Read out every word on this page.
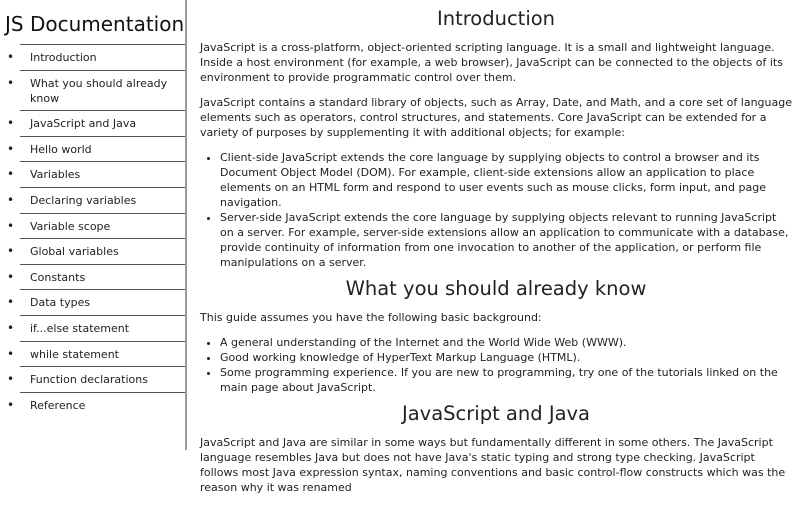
JS Documentation
• Introduction
• What you should already know
• JavaScript and Java
• Hello world
• Variables
• Declaring variables
• Variable scope
• Global variables
• Constants
• Data types
• if...else statement
• while statement
• Function declarations
• Reference
Introduction

JavaScript is a cross-platform, object-oriented scripting language. It is a small and lightweight language. Inside a host environment (for example, a web browser), JavaScript can be connected to the objects of its environment to provide programmatic control over them.

JavaScript contains a standard library of objects, such as Array, Date, and Math, and a core set of language elements such as operators, control structures, and statements. Core JavaScript can be extended for a variety of purposes by supplementing it with additional objects; for example:

• Client-side JavaScript extends the core language by supplying objects to control a browser and its Document Object Model (DOM). For example, client-side extensions allow an application to place elements on an HTML form and respond to user events such as mouse clicks, form input, and page navigation.
• Server-side JavaScript extends the core language by supplying objects relevant to running JavaScript on a server. For example, server-side extensions allow an application to communicate with a database, provide continuity of information from one invocation to another of the application, or perform file manipulations on a server.
What you should already know

This guide assumes you have the following basic background:

• A general understanding of the Internet and the World Wide Web (WWW).
• Good working knowledge of HyperText Markup Language (HTML).
• Some programming experience. If you are new to programming, try one of the tutorials linked on the main page about JavaScript.
JavaScript and Java

JavaScript and Java are similar in some ways but fundamentally different in some others. The JavaScript language resembles Java but does not have Java's static typing and strong type checking. JavaScript follows most Java expression syntax, naming conventions and basic control-flow constructs which was the reason why it was renamed
